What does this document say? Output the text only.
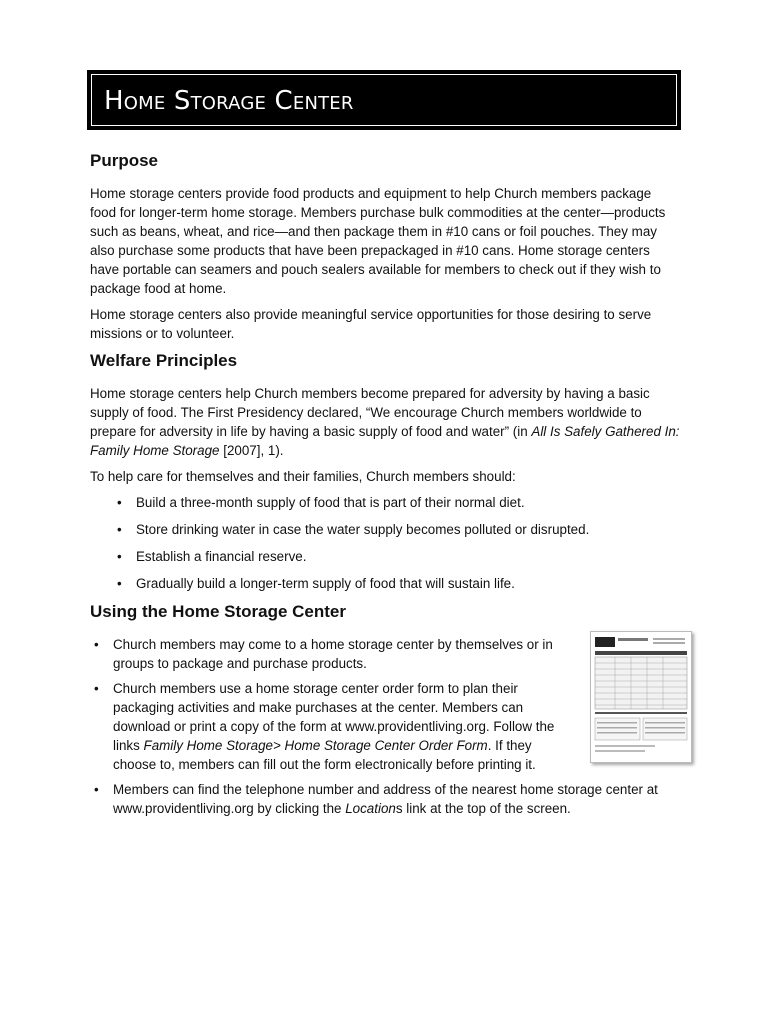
Home Storage Center
Purpose

Home storage centers provide food products and equipment to help Church members package food for longer-term home storage. Members purchase bulk commodities at the center—products such as beans, wheat, and rice—and then package them in #10 cans or foil pouches. They may also purchase some products that have been prepackaged in #10 cans. Home storage centers have portable can seamers and pouch sealers available for members to check out if they wish to package food at home.

Home storage centers also provide meaningful service opportunities for those desiring to serve missions or to volunteer.

Welfare Principles

Home storage centers help Church members become prepared for adversity by having a basic supply of food. The First Presidency declared, “We encourage Church members worldwide to prepare for adversity in life by having a basic supply of food and water” (in All Is Safely Gathered In: Family Home Storage [2007], 1).

To help care for themselves and their families, Church members should:

• Build a three-month supply of food that is part of their normal diet.
• Store drinking water in case the water supply becomes polluted or disrupted.
• Establish a financial reserve.
• Gradually build a longer-term supply of food that will sustain life.
Using the Home Storage Center
• Church members may come to a home storage center by themselves or in groups to package and purchase products.
• Church members use a home storage center order form to plan their packaging activities and make purchases at the center. Members can download or print a copy of the form at www.providentliving.org. Follow the links Family Home Storage> Home Storage Center Order Form. If they choose to, members can fill out the form electronically before printing it.
• Members can find the telephone number and address of the nearest home storage center at www.providentliving.org by clicking the Locations link at the top of the screen.
